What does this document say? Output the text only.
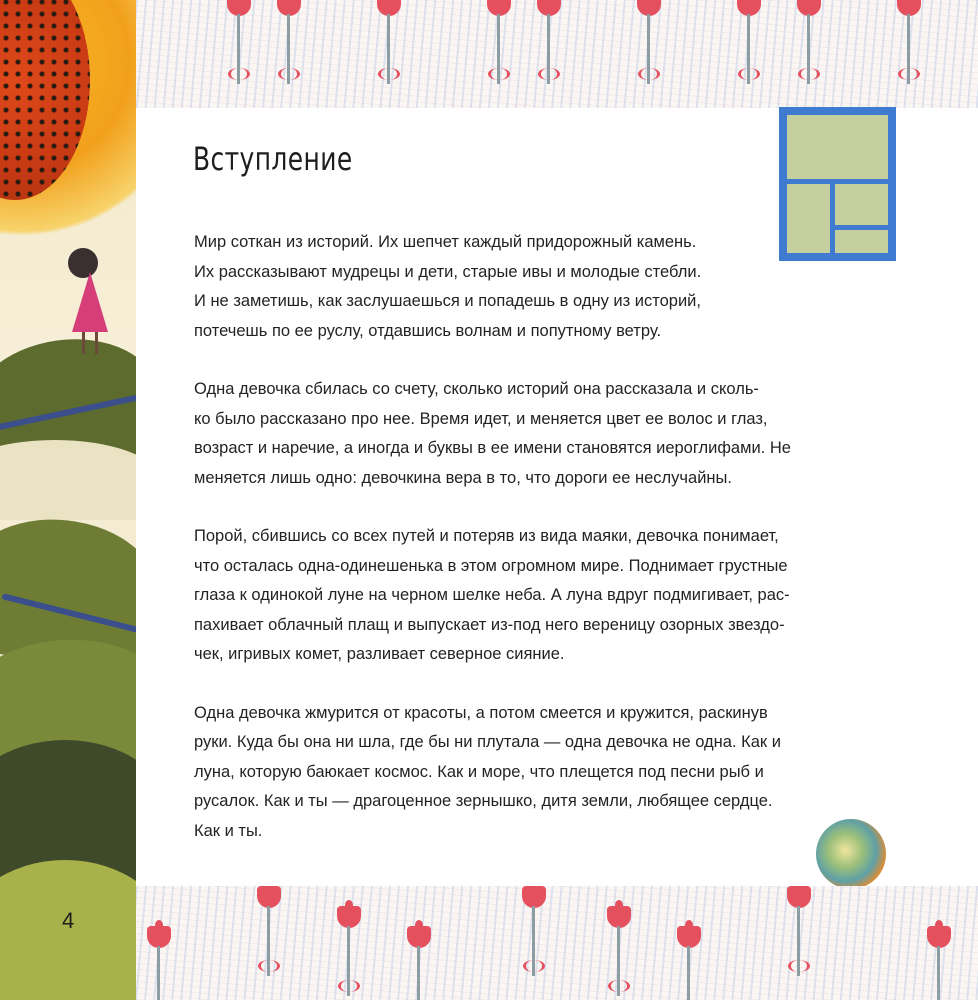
4
Вступление

Мир соткан из историй. Их шепчет каждый придорожный камень.
Их рассказывают мудрецы и дети, старые ивы и молодые стебли.
И не заметишь, как заслушаешься и попадешь в одну из историй,
потечешь по ее руслу, отдавшись волнам и попутному ветру.

Одна девочка сбилась со счету, сколько историй она рассказала и сколь-
ко было рассказано про нее. Время идет, и меняется цвет ее волос и глаз,
возраст и наречие, а иногда и буквы в ее имени становятся иероглифами. Не
меняется лишь одно: девочкина вера в то, что дороги ее неслучайны.

Порой, сбившись со всех путей и потеряв из вида маяки, девочка понимает,
что осталась одна-одинешенька в этом огромном мире. Поднимает грустные
глаза к одинокой луне на черном шелке неба. А луна вдруг подмигивает, рас-
пахивает облачный плащ и выпускает из-под него вереницу озорных звездо-
чек, игривых комет, разливает северное сияние.

Одна девочка жмурится от красоты, а потом смеется и кружится, раскинув
руки. Куда бы она ни шла, где бы ни плутала — одна девочка не одна. Как и
луна, которую баюкает космос. Как и море, что плещется под песни рыб и
русалок. Как и ты — драгоценное зернышко, дитя земли, любящее сердце.
Как и ты.
